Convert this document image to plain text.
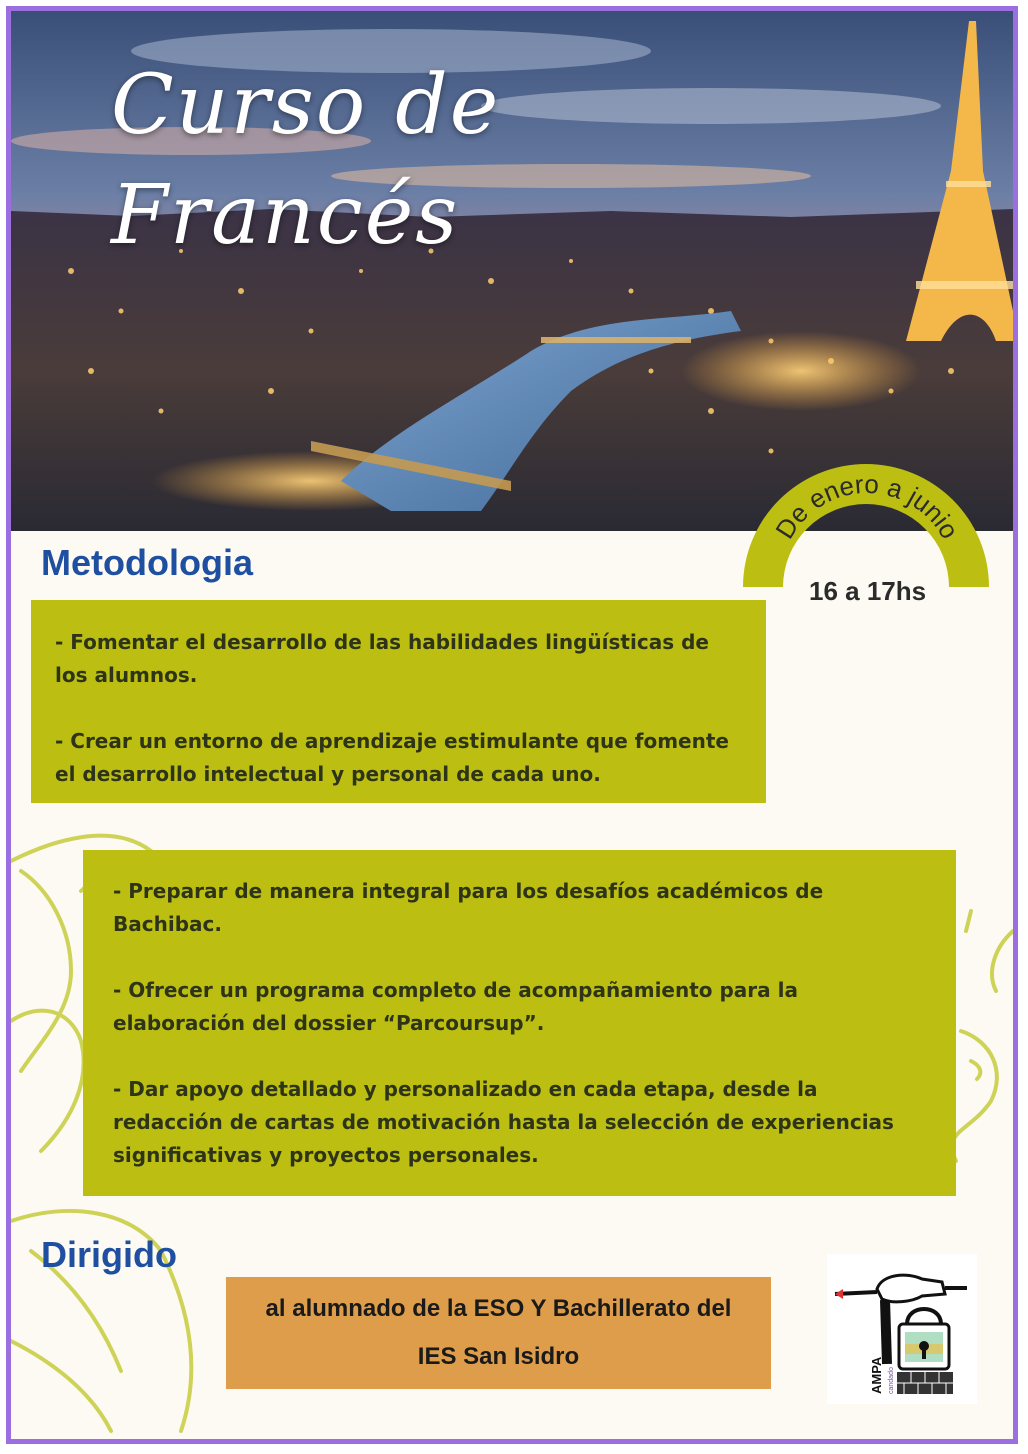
Curso de Francés
De enero a junio
16 a 17hs
Metodologia

- Fomentar el desarrollo de las habilidades lingüísticas de los alumnos.

- Crear un entorno de aprendizaje estimulante que fomente el desarrollo intelectual y personal de cada uno.

- Preparar de manera integral para los desafíos académicos de Bachibac.

- Ofrecer un programa completo de acompañamiento para la elaboración del dossier “Parcoursup”.

- Dar apoyo detallado y personalizado en cada etapa, desde la redacción de cartas de motivación hasta la selección de experiencias significativas y proyectos personales.

Dirigido
al alumnado de la ESO Y Bachillerato del
IES San Isidro
AMPA candado
